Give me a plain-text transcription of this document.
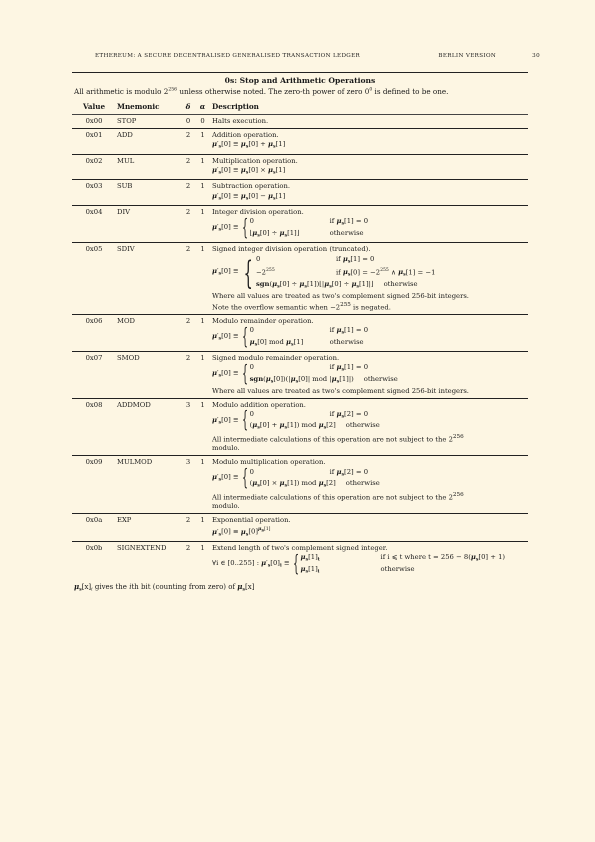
ETHEREUM: A SECURE DECENTRALISED GENERALISED TRANSACTION LEDGER	BERLIN VERSION	30
0s: Stop and Arithmetic Operations
All arithmetic is modulo $2^{256}$ unless otherwise noted. The zero-th power of zero $0^0$ is defined to be one.
Value	Mnemonic	δ	α Description
0x00	STOP	0	0	Halts execution.
0x01	ADD	2	1	Addition operation.
$\mu'_s[0] \equiv \mu_s[0] + \mu_s[1]$
0x02	MUL	2	1	Multiplication operation.
$\mu'_s[0] \equiv \mu_s[0] \times \mu_s[1]$
0x03	SUB	2	1	Subtraction operation.
$\mu'_s[0] \equiv \mu_s[0] - \mu_s[1]$
0x04	DIV	2	1	Integer division operation.
$\mu'_s[0]$ ≡ { 0	if $\mu_s[1] = 0$
$⌊\mu_s[0]$ ÷ $\mu_s[1]⌋$	otherwise
0x05	SDIV	2	1	Signed integer division operation (truncated).
$\mu'_s[0]$ ≡ { 0	if $\mu_s[1] = 0$
$-2^{255}$	if $\mu_s[0] = -2^{255}$ ∧ $\mu_s[1] = -1$
$sgn(\mu_s[0]$ ÷ $\mu_s[1])⌊|\mu_s[0]$ ÷ $\mu_s[1]|⌋$	otherwise
Where all values are treated as two's complement signed 256-bit integers.
Note the overflow semantic when $-2^{255}$ is negated.
0x06	MOD	2	1	Modulo remainder operation.
$\mu'_s[0]$ ≡ { 0	if $\mu_s[1] = 0$
$\mu_s[0]$ mod $\mu_s[1]$	otherwise
0x07	SMOD	2	1	Signed modulo remainder operation.
$\mu'_s[0]$ ≡ { 0	if $\mu_s[1] = 0$
$sgn(\mu_s[0])(|\mu_s[0]|$ mod $|\mu_s[1]|$)	otherwise
Where all values are treated as two's complement signed 256-bit integers.
0x08	ADDMOD	3	1	Modulo addition operation.
$\mu'_s[0]$ ≡ { 0	if $\mu_s[2] = 0$
$(\mu_s[0] + \mu_s[1])$ mod $\mu_s[2]$	otherwise
All intermediate calculations of this operation are not subject to the $2^{256}$
modulo.
0x09	MULMOD	3	1	Modulo multiplication operation.
$\mu'_s[0]$ ≡ { 0	if $\mu_s[2] = 0$
$(\mu_s[0] \times \mu_s[1])$ mod $\mu_s[2]$	otherwise
All intermediate calculations of this operation are not subject to the $2^{256}$
modulo.
0x0a	EXP	2	1	Exponential operation.
$\mu'_s[0] \equiv \mu_s[0]^{\mu s[1]}$
0x0b	SIGNEXTEND	2	1	Extend length of two's complement signed integer.
∀i ∈ [0..255] : $\mu'_s[0]_i$ ≡ { $\mu_s[1]_t$	if i ⩽ t where $t = 256 - 8(\mu_s[0] + 1)$
$\mu_s[1]_i$	otherwise
$\mu_s[x]_i$ gives the ith bit (counting from zero) of $\mu_s[x]$
